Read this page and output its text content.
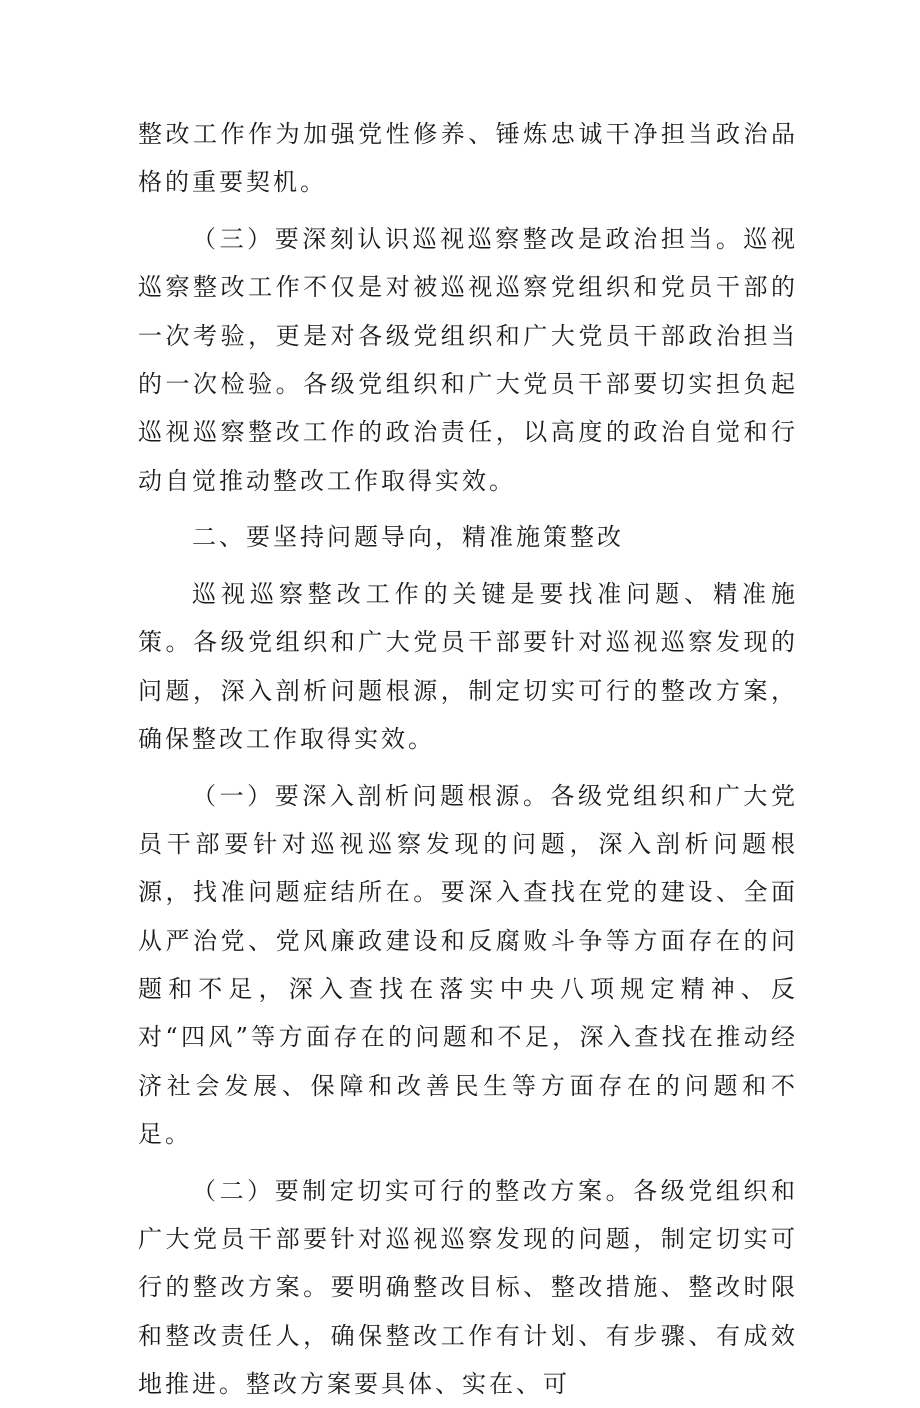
整改工作作为加强党性修养、锤炼忠诚干净担当政治品格的重要契机。

（三）要深刻认识巡视巡察整改是政治担当。巡视巡察整改工作不仅是对被巡视巡察党组织和党员干部的一次考验，更是对各级党组织和广大党员干部政治担当的一次检验。各级党组织和广大党员干部要切实担负起巡视巡察整改工作的政治责任，以高度的政治自觉和行动自觉推动整改工作取得实效。

二、要坚持问题导向，精准施策整改

巡视巡察整改工作的关键是要找准问题、精准施策。各级党组织和广大党员干部要针对巡视巡察发现的问题，深入剖析问题根源，制定切实可行的整改方案，确保整改工作取得实效。

（一）要深入剖析问题根源。各级党组织和广大党员干部要针对巡视巡察发现的问题，深入剖析问题根源，找准问题症结所在。要深入查找在党的建设、全面从严治党、党风廉政建设和反腐败斗争等方面存在的问题和不足，深入查找在落实中央八项规定精神、反对“四风”等方面存在的问题和不足，深入查找在推动经济社会发展、保障和改善民生等方面存在的问题和不足。

（二）要制定切实可行的整改方案。各级党组织和广大党员干部要针对巡视巡察发现的问题，制定切实可行的整改方案。要明确整改目标、整改措施、整改时限和整改责任人，确保整改工作有计划、有步骤、有成效地推进。整改方案要具体、实在、可
